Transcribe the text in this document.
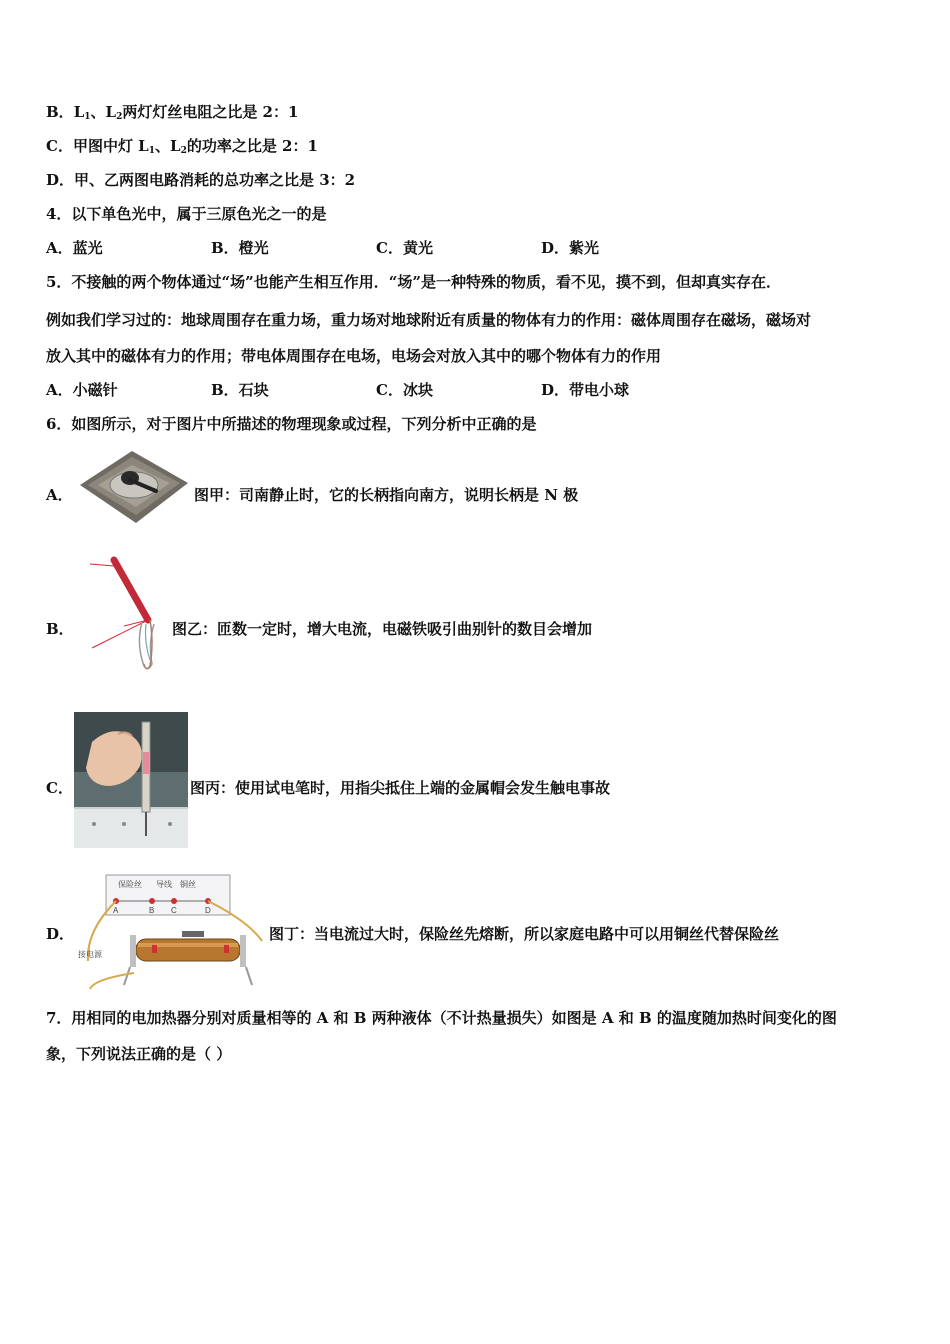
B．$L_1$、$L_2$两灯灯丝电阻之比是 2：1
C．甲图中灯 $L_1$、$L_2$的功率之比是 2：1
D．甲、乙两图电路消耗的总功率之比是 3：2
4．以下单色光中，属于三原色光之一的是
A．蓝光	B．橙光	C．黄光	D．紫光
5．不接触的两个物体通过“场”也能产生相互作用．“场”是一种特殊的物质，看不见，摸不到，但却真实存在．
例如我们学习过的：地球周围存在重力场，重力场对地球附近有质量的物体有力的作用：磁体周围存在磁场，磁场对
放入其中的磁体有力的作用；带电体周围存在电场，电场会对放入其中的哪个物体有力的作用
A．小磁针	B．石块	C．冰块	D．带电小球
6．如图所示，对于图片中所描述的物理现象或过程，下列分析中正确的是
A．	图甲：司南静止时，它的长柄指向南方，说明长柄是 N 极
B．	图乙：匝数一定时，增大电流，电磁铁吸引曲别针的数目会增加
C．	图丙：使用试电笔时，用指尖抵住上端的金属帽会发生触电事故
D．
保险丝 导线 铜丝
A	B C	D
接电源
图丁：当电流过大时，保险丝先熔断，所以家庭电路中可以用铜丝代替保险丝
7．用相同的电加热器分别对质量相等的 A 和 B 两种液体（不计热量损失）如图是 A 和 B 的温度随加热时间变化的图
象，下列说法正确的是（ ）
